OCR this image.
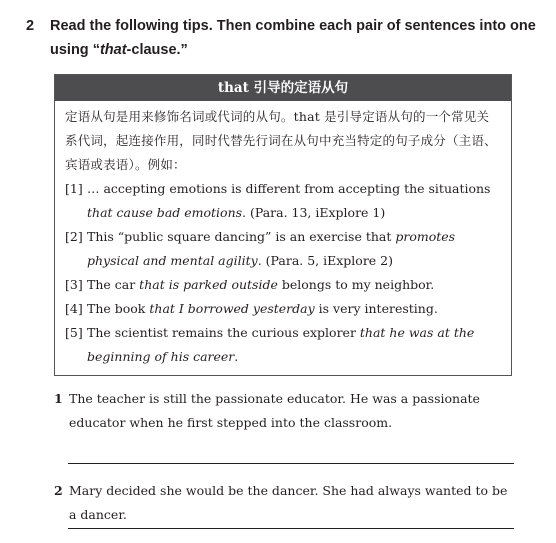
2 Read the following tips. Then combine each pair of sentences into one
using “that-clause.”
that 引导的定语从句
定语从句是用来修饰名词或代词的从句。that 是引导定语从句的一个常见关系代词，起连接作用，同时代替先行词在从句中充当特定的句子成分（主语、宾语或表语）。例如：
[1] … accepting emotions is different from accepting the situations that cause bad emotions. (Para. 13, iExplore 1)
[2] This “public square dancing” is an exercise that promotes physical and mental agility. (Para. 5, iExplore 2)
[3] The car that is parked outside belongs to my neighbor.
[4] The book that I borrowed yesterday is very interesting.
[5] The scientist remains the curious explorer that he was at the beginning of his career.
1 The teacher is still the passionate educator. He was a passionate educator when he first stepped into the classroom.
2 Mary decided she would be the dancer. She had always wanted to be a dancer.
